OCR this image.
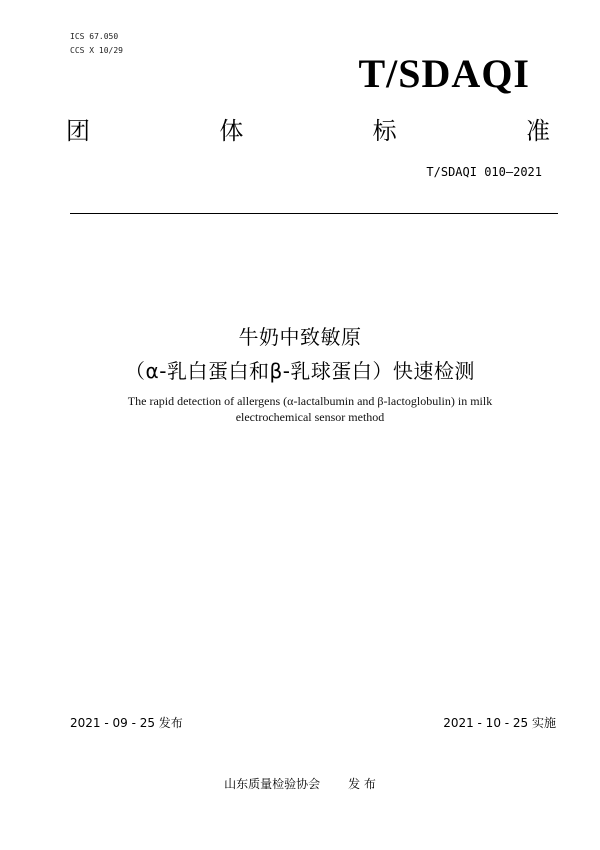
ICS 67.050
CCS X 10/29
T/SDAQI
团	体	标	准
T/SDAQI 010—2021
牛奶中致敏原
（α-乳白蛋白和β-乳球蛋白）快速检测
The rapid detection of allergens (α-lactalbumin and β-lactoglobulin) in milk
electrochemical sensor method
2021 - 09 - 25 发布	2021 - 10 - 25 实施
山东质量检验协会 发 布
